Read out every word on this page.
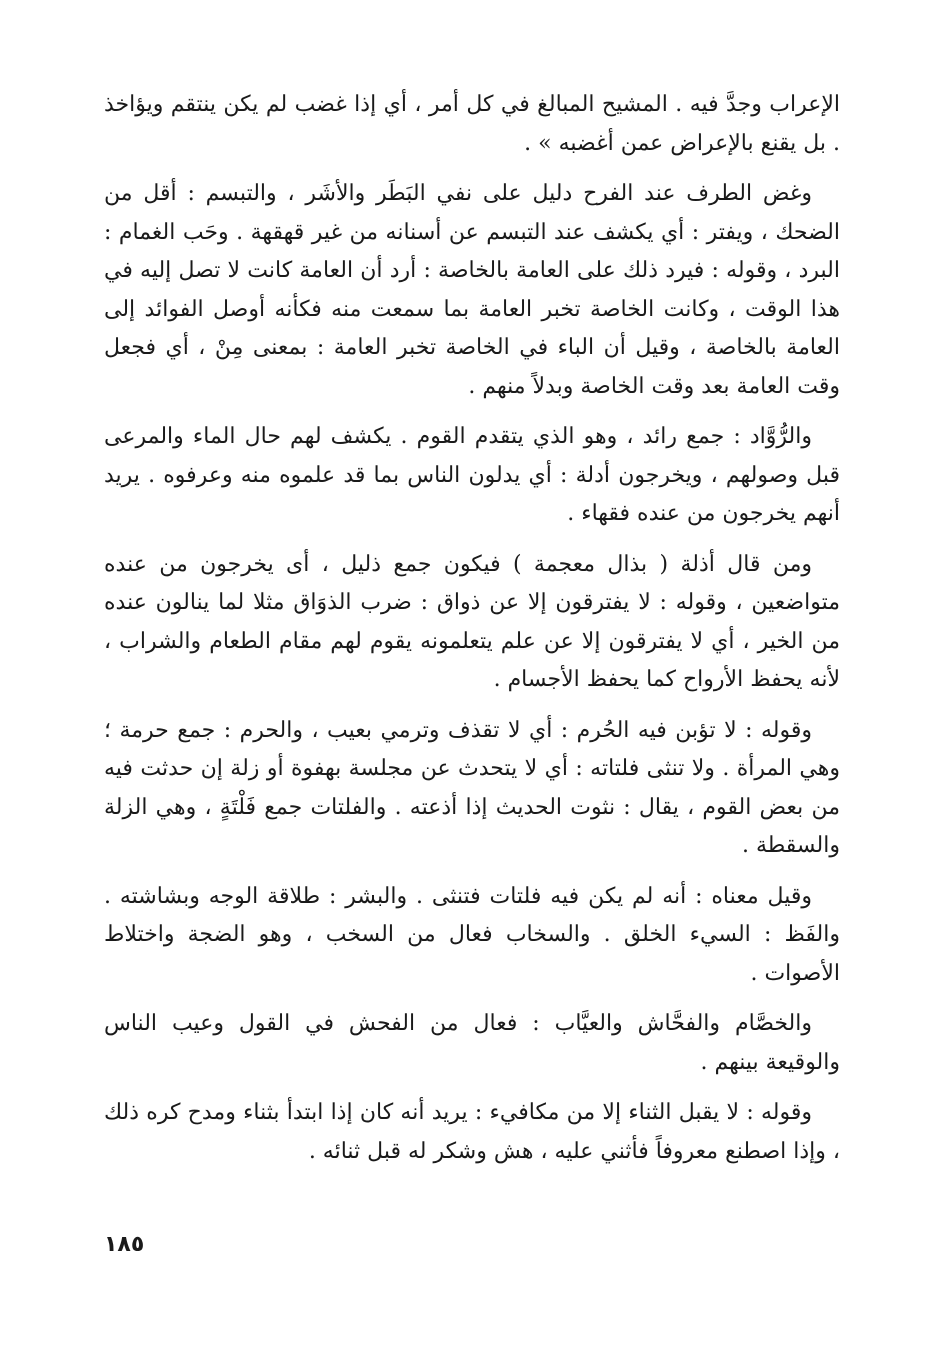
الإعراب وجدَّ فيه . المشيح المبالغ في كل أمر ، أي إذا غضب لم يكن ينتقم ويؤاخذ . بل يقنع بالإعراض عمن أغضبه » .

وغض الطرف عند الفرح دليل على نفي البَطَر والأشَر ، والتبسم : أقل من الضحك ، ويفتر : أي يكشف عند التبسم عن أسنانه من غير قهقهة . وحَب الغمام : البرد ، وقوله : فيرد ذلك على العامة بالخاصة : أرد أن العامة كانت لا تصل إليه في هذا الوقت ، وكانت الخاصة تخبر العامة بما سمعت منه فكأنه أوصل الفوائد إلى العامة بالخاصة ، وقيل أن الباء في الخاصة تخبر العامة : بمعنى مِنْ ، أي فجعل وقت العامة بعد وقت الخاصة وبدلاً منهم .

والرُّوَّاد : جمع رائد ، وهو الذي يتقدم القوم . يكشف لهم حال الماء والمرعى قبل وصولهم ، ويخرجون أدلة : أي يدلون الناس بما قد علموه منه وعرفوه . يريد أنهم يخرجون من عنده فقهاء .

ومن قال أذلة ( بذال معجمة ) فيكون جمع ذليل ، أى يخرجون من عنده متواضعين ، وقوله : لا يفترقون إلا عن ذواق : ضرب الذوَاق مثلا لما ينالون عنده من الخير ، أي لا يفترقون إلا عن علم يتعلمونه يقوم لهم مقام الطعام والشراب ، لأنه يحفظ الأرواح كما يحفظ الأجسام .

وقوله : لا تؤبن فيه الحُرم : أي لا تقذف وترمي بعيب ، والحرم : جمع حرمة ؛ وهي المرأة . ولا تنثى فلتاته : أي لا يتحدث عن مجلسة بهفوة أو زلة إن حدثت فيه من بعض القوم ، يقال : نثوت الحديث إذا أذعته . والفلتات جمع فَلْتَةٍ ، وهي الزلة والسقطة .

وقيل معناه : أنه لم يكن فيه فلتات فتنثى . والبشر : طلاقة الوجه وبشاشته . والفَظ : السيء الخلق . والسخاب فعال من السخب ، وهو الضجة واختلاط الأصوات .

والخصَّام والفحَّاش والعيَّاب : فعال من الفحش في القول وعيب الناس والوقيعة بينهم .

وقوله : لا يقبل الثناء إلا من مكافيء : يريد أنه كان إذا ابتدأ بثناء ومدح كره ذلك ، وإذا اصطنع معروفاً فأثني عليه ، هش وشكر له قبل ثنائه .

١٨٥
